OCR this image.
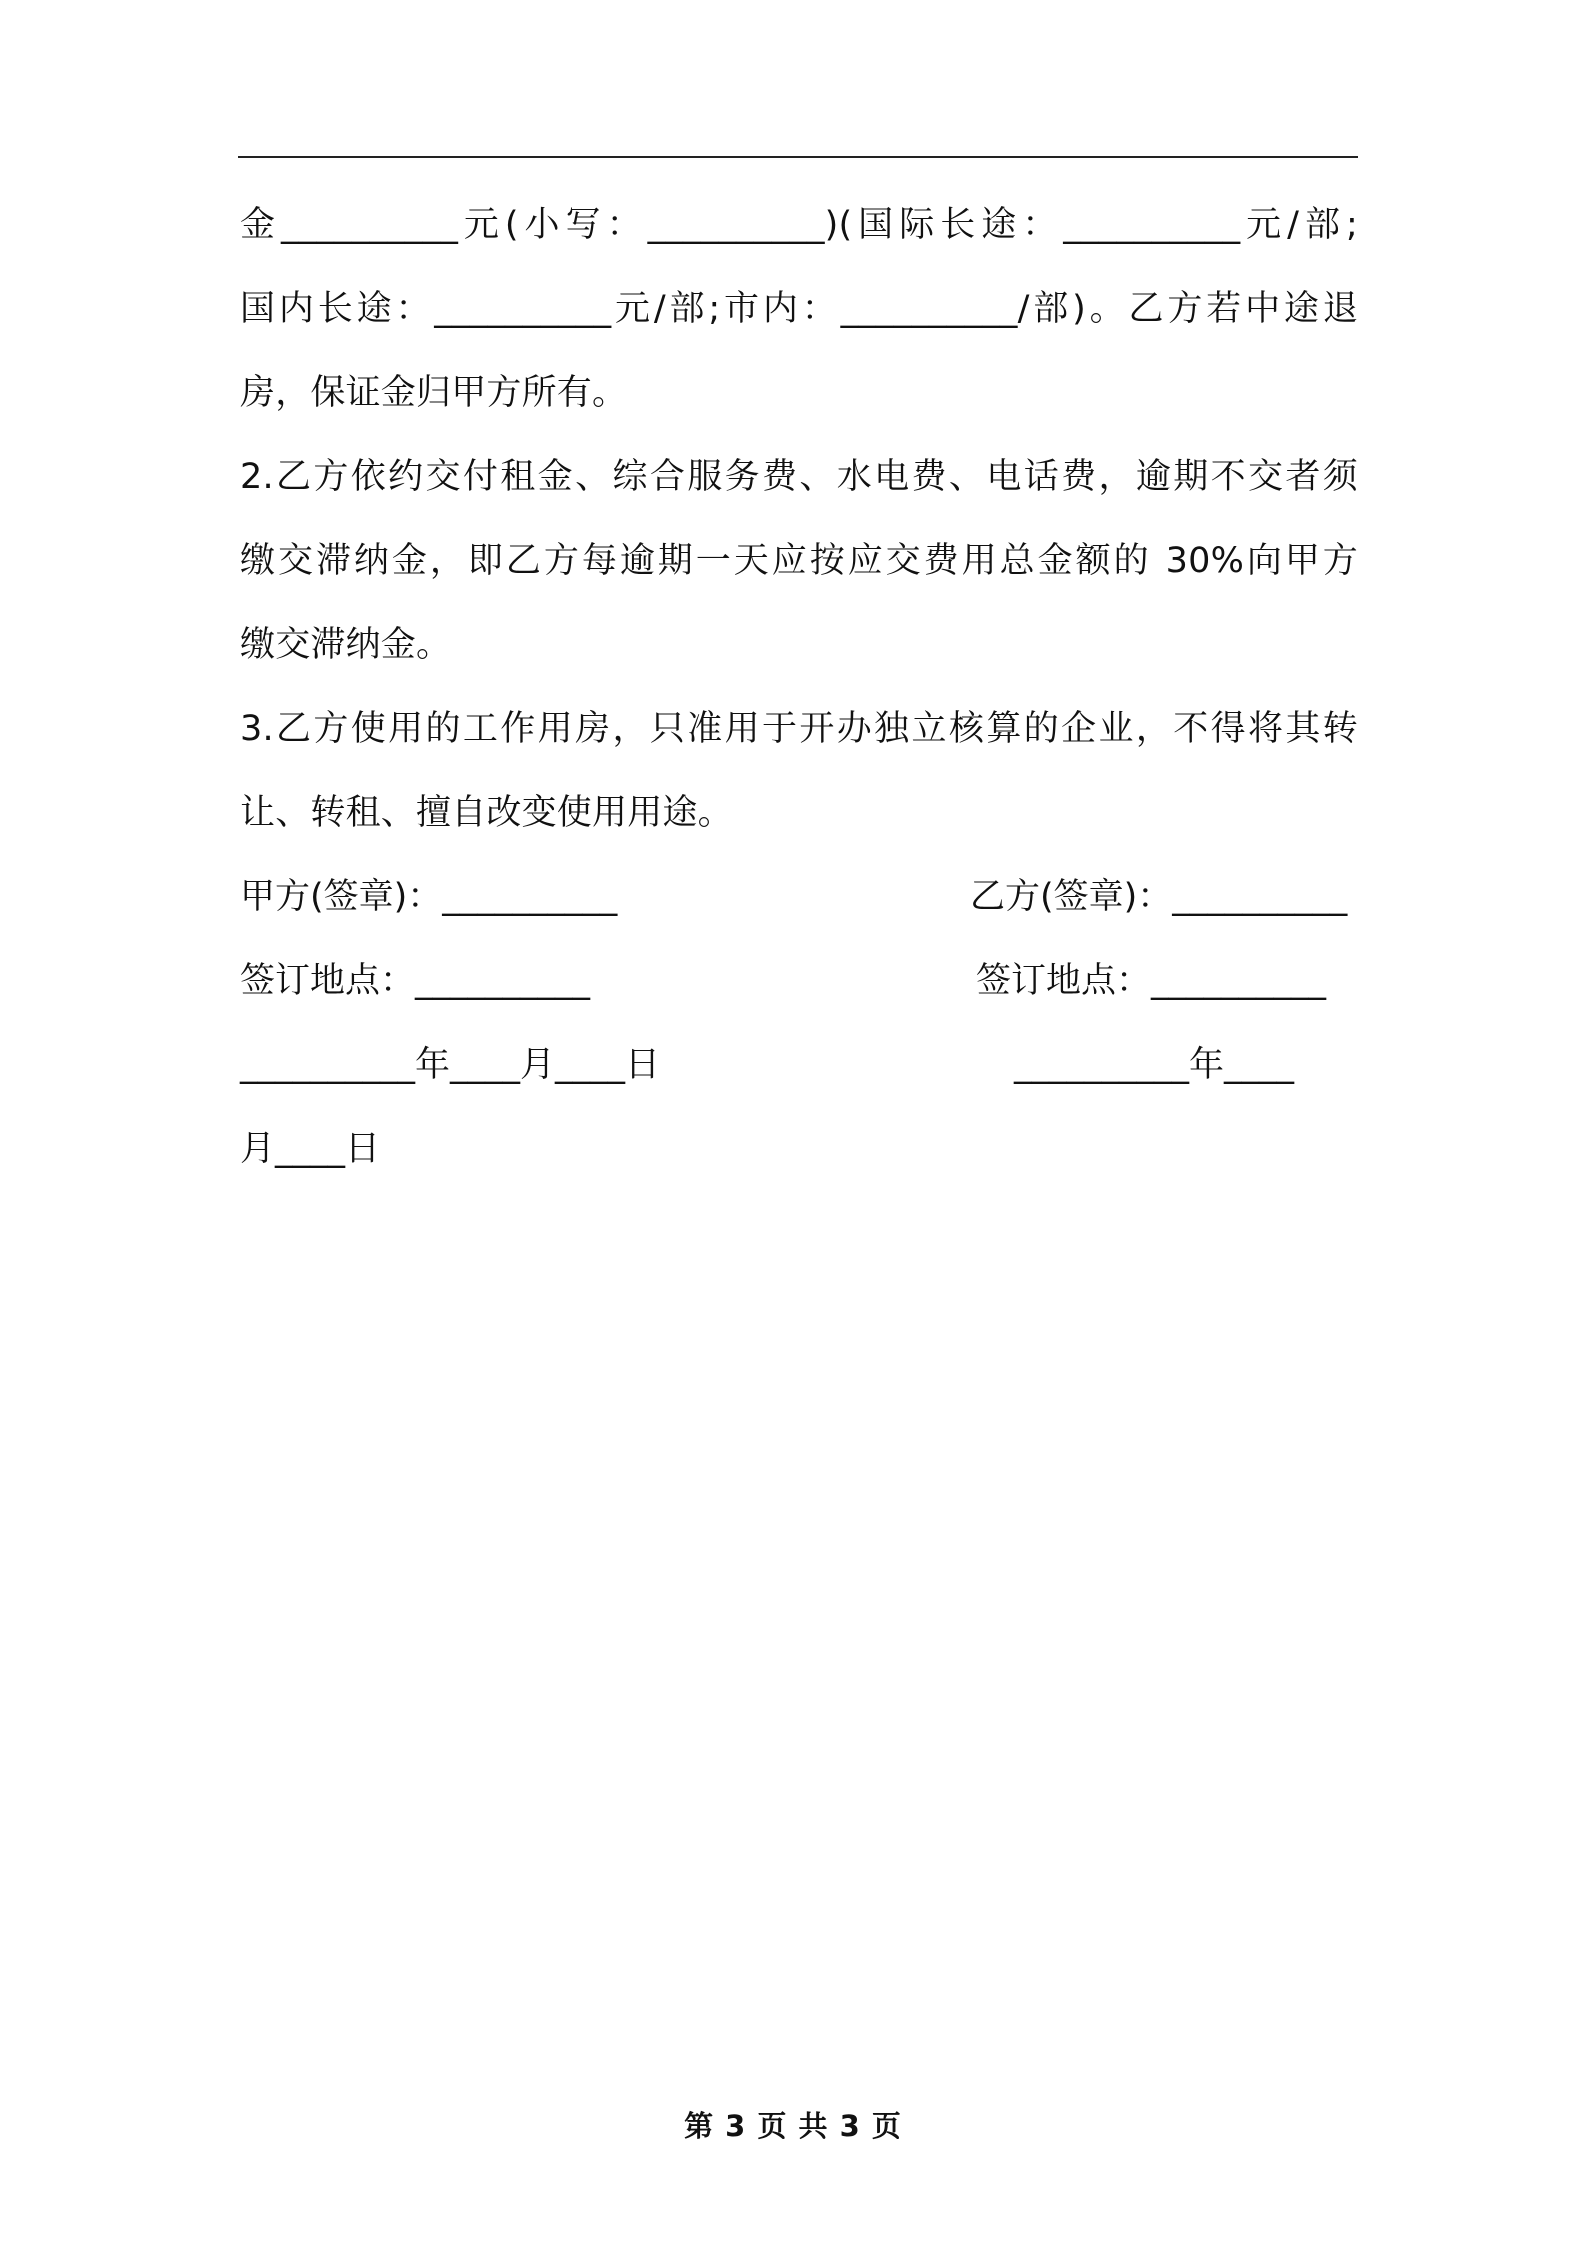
金__________元(小写：__________)(国际长途：__________元/部;
国内长途：__________元/部;市内：__________/部)。乙方若中途退
房，保证金归甲方所有。
2.乙方依约交付租金、综合服务费、水电费、电话费，逾期不交者须
缴交滞纳金，即乙方每逾期一天应按应交费用总金额的 30%向甲方
缴交滞纳金。
3.乙方使用的工作用房，只准用于开办独立核算的企业，不得将其转
让、转租、擅自改变使用用途。
甲方(签章)：__________	乙方(签章)：__________
签订地点：__________	签订地点：__________
__________年____月____日	__________年____
月____日
第 3 页 共 3 页
